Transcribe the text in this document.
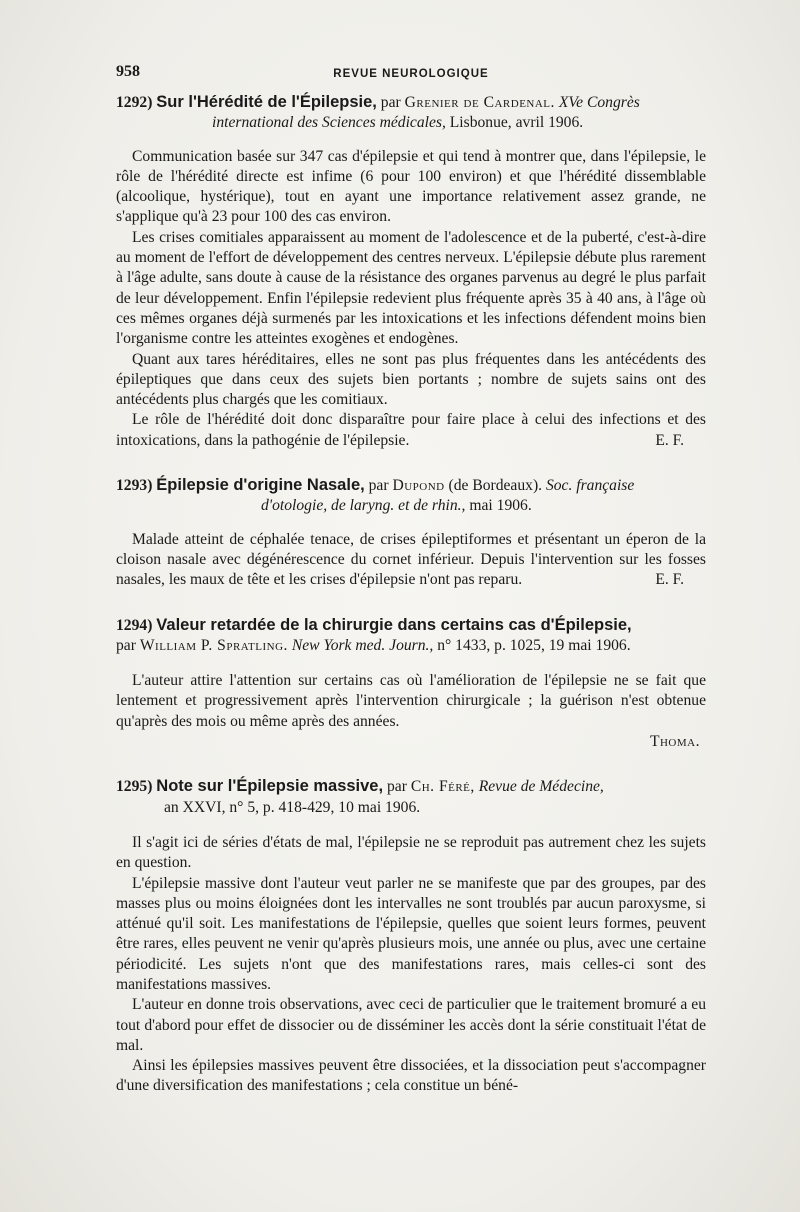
958	REVUE NEUROLOGIQUE

1292) Sur l'Hérédité de l'Épilepsie, par Grenier de Cardenal. XVe Congrès
international des Sciences médicales, Lisbonue, avril 1906.

Communication basée sur 347 cas d'épilepsie et qui tend à montrer que, dans l'épilepsie, le rôle de l'hérédité directe est infime (6 pour 100 environ) et que l'hérédité dissemblable (alcoolique, hystérique), tout en ayant une importance relativement assez grande, ne s'applique qu'à 23 pour 100 des cas environ.

Les crises comitiales apparaissent au moment de l'adolescence et de la puberté, c'est-à-dire au moment de l'effort de développement des centres nerveux. L'épilepsie débute plus rarement à l'âge adulte, sans doute à cause de la résistance des organes parvenus au degré le plus parfait de leur développement. Enfin l'épilepsie redevient plus fréquente après 35 à 40 ans, à l'âge où ces mêmes organes déjà surmenés par les intoxications et les infections défendent moins bien l'organisme contre les atteintes exogènes et endogènes.

Quant aux tares héréditaires, elles ne sont pas plus fréquentes dans les antécédents des épileptiques que dans ceux des sujets bien portants ; nombre de sujets sains ont des antécédents plus chargés que les comitiaux.

Le rôle de l'hérédité doit donc disparaître pour faire place à celui des infections et des intoxications, dans la pathogénie de l'épilepsie.	E. F.

1293) Épilepsie d'origine Nasale, par Dupond (de Bordeaux). Soc. française
d'otologie, de laryng. et de rhin., mai 1906.

Malade atteint de céphalée tenace, de crises épileptiformes et présentant un éperon de la cloison nasale avec dégénérescence du cornet inférieur. Depuis l'intervention sur les fosses nasales, les maux de tête et les crises d'épilepsie n'ont pas reparu.	E. F.

1294) Valeur retardée de la chirurgie dans certains cas d'Épilepsie,
par William P. Spratling. New York med. Journ., n° 1433, p. 1025, 19 mai 1906.

L'auteur attire l'attention sur certains cas où l'amélioration de l'épilepsie ne se fait que lentement et progressivement après l'intervention chirurgicale ; la guérison n'est obtenue qu'après des mois ou même après des années.

Thoma.

1295) Note sur l'Épilepsie massive, par Ch. Féré, Revue de Médecine,
an XXVI, n° 5, p. 418-429, 10 mai 1906.

Il s'agit ici de séries d'états de mal, l'épilepsie ne se reproduit pas autrement chez les sujets en question.

L'épilepsie massive dont l'auteur veut parler ne se manifeste que par des groupes, par des masses plus ou moins éloignées dont les intervalles ne sont troublés par aucun paroxysme, si atténué qu'il soit. Les manifestations de l'épilepsie, quelles que soient leurs formes, peuvent être rares, elles peuvent ne venir qu'après plusieurs mois, une année ou plus, avec une certaine périodicité. Les sujets n'ont que des manifestations rares, mais celles-ci sont des manifestations massives.

L'auteur en donne trois observations, avec ceci de particulier que le traitement bromuré a eu tout d'abord pour effet de dissocier ou de disséminer les accès dont la série constituait l'état de mal.

Ainsi les épilepsies massives peuvent être dissociées, et la dissociation peut s'accompagner d'une diversification des manifestations ; cela constitue un béné-
